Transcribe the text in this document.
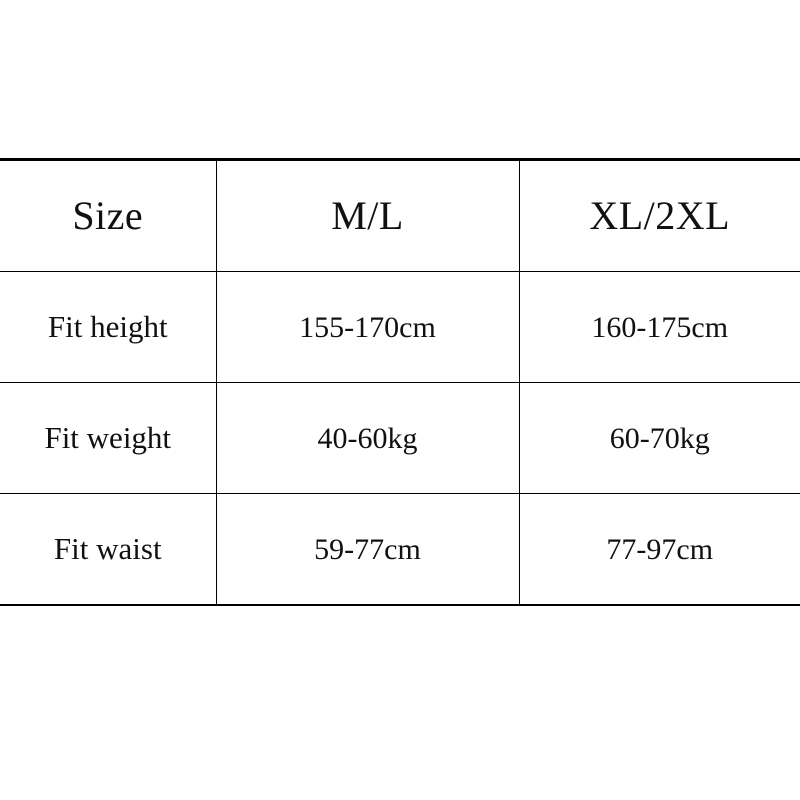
Size	M/L	XL/2XL

Fit height	155-170cm	160-175cm

Fit weight	40-60kg	60-70kg

Fit waist	59-77cm	77-97cm
